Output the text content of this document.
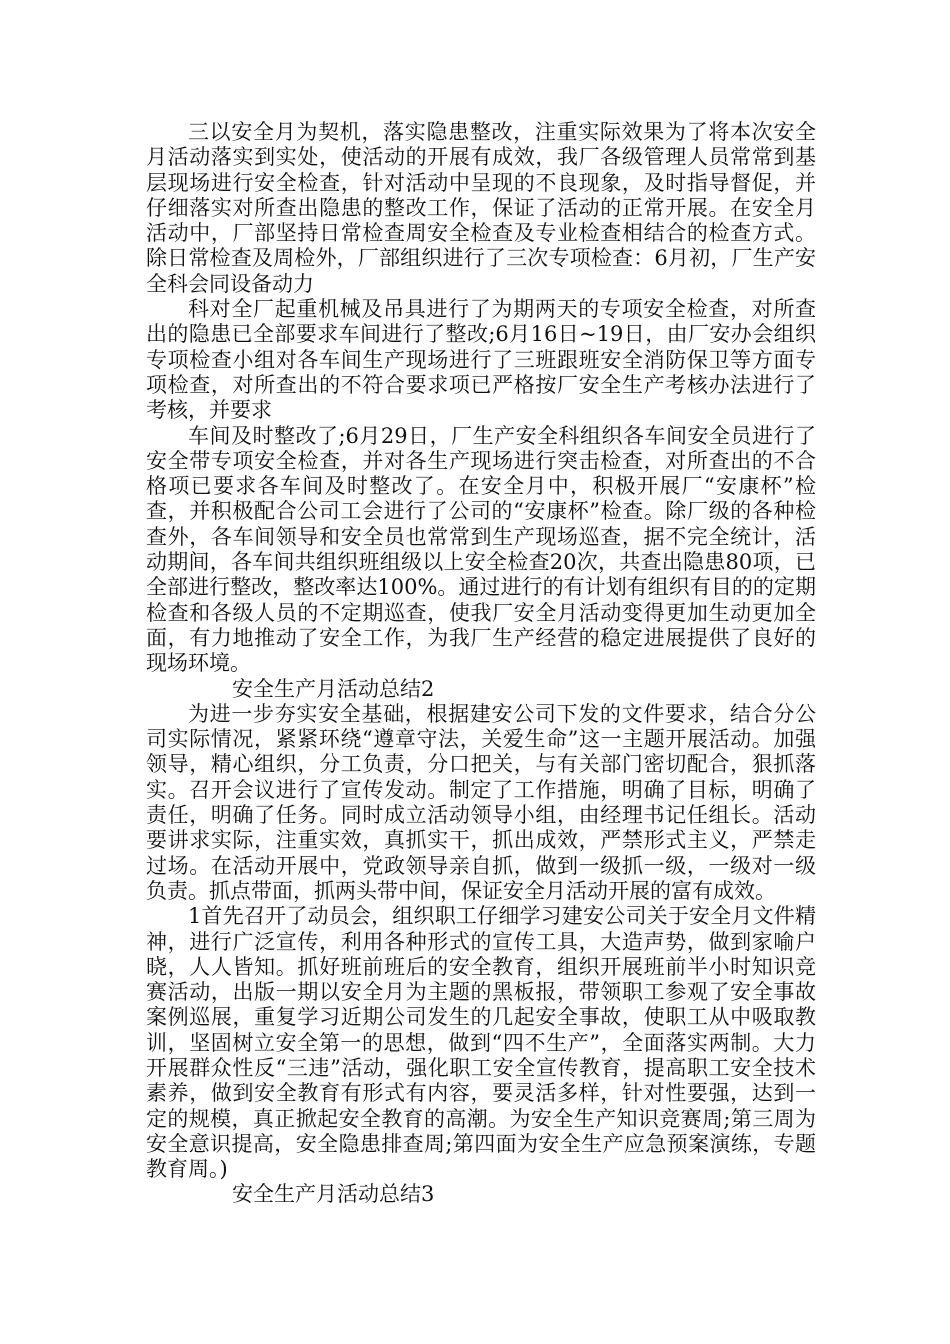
三以安全月为契机，落实隐患整改，注重实际效果为了将本次安全月活动落实到实处，使活动的开展有成效，我厂各级管理人员常常到基层现场进行安全检查，针对活动中呈现的不良现象，及时指导督促，并仔细落实对所查出隐患的整改工作，保证了活动的正常开展。在安全月活动中，厂部坚持日常检查周安全检查及专业检查相结合的检查方式。除日常检查及周检外，厂部组织进行了三次专项检查：6月初，厂生产安全科会同设备动力

科对全厂起重机械及吊具进行了为期两天的专项安全检查，对所查出的隐患已全部要求车间进行了整改;6月16日~19日，由厂安办会组织专项检查小组对各车间生产现场进行了三班跟班安全消防保卫等方面专项检查，对所查出的不符合要求项已严格按厂安全生产考核办法进行了考核，并要求

车间及时整改了;6月29日，厂生产安全科组织各车间安全员进行了安全带专项安全检查，并对各生产现场进行突击检查，对所查出的不合格项已要求各车间及时整改了。在安全月中，积极开展厂“安康杯”检查，并积极配合公司工会进行了公司的“安康杯”检查。除厂级的各种检查外，各车间领导和安全员也常常到生产现场巡查，据不完全统计，活动期间，各车间共组织班组级以上安全检查20次，共查出隐患80项，已全部进行整改，整改率达100%。通过进行的有计划有组织有目的的定期检查和各级人员的不定期巡查，使我厂安全月活动变得更加生动更加全面，有力地推动了安全工作，为我厂生产经营的稳定进展提供了良好的现场环境。

安全生产月活动总结2

为进一步夯实安全基础，根据建安公司下发的文件要求，结合分公司实际情况，紧紧环绕“遵章守法，关爱生命”这一主题开展活动。加强领导，精心组织，分工负责，分口把关，与有关部门密切配合，狠抓落实。召开会议进行了宣传发动。制定了工作措施，明确了目标，明确了责任，明确了任务。同时成立活动领导小组，由经理书记任组长。活动要讲求实际，注重实效，真抓实干，抓出成效，严禁形式主义，严禁走过场。在活动开展中，党政领导亲自抓，做到一级抓一级，一级对一级负责。抓点带面，抓两头带中间，保证安全月活动开展的富有成效。

1首先召开了动员会，组织职工仔细学习建安公司关于安全月文件精神，进行广泛宣传，利用各种形式的宣传工具，大造声势，做到家喻户晓，人人皆知。抓好班前班后的安全教育，组织开展班前半小时知识竞赛活动，出版一期以安全月为主题的黑板报，带领职工参观了安全事故案例巡展，重复学习近期公司发生的几起安全事故，使职工从中吸取教训，坚固树立安全第一的思想，做到“四不生产”，全面落实两制。大力开展群众性反“三违”活动，强化职工安全宣传教育，提高职工安全技术素养，做到安全教育有形式有内容，要灵活多样，针对性要强，达到一定的规模，真正掀起安全教育的高潮。为安全生产知识竞赛周;第三周为安全意识提高，安全隐患排查周;第四面为安全生产应急预案演练，专题教育周。)

安全生产月活动总结3
